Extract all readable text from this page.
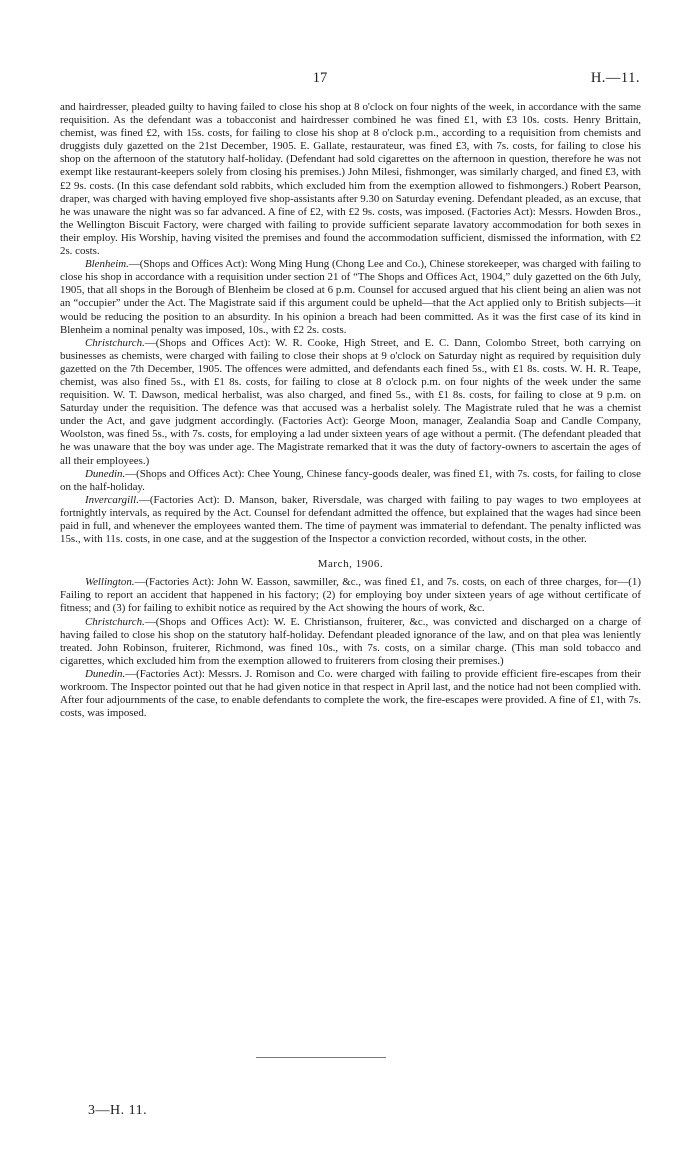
17	H.—11.

and hairdresser, pleaded guilty to having failed to close his shop at 8 o'clock on four nights of the week, in accordance with the same requisition. As the defendant was a tobacconist and hairdresser combined he was fined £1, with £3 10s. costs. Henry Brittain, chemist, was fined £2, with 15s. costs, for failing to close his shop at 8 o'clock p.m., according to a requisition from chemists and druggists duly gazetted on the 21st December, 1905. E. Gallate, restaurateur, was fined £3, with 7s. costs, for failing to close his shop on the afternoon of the statutory half-holiday. (Defendant had sold cigarettes on the afternoon in question, therefore he was not exempt like restaurant-keepers solely from closing his premises.) John Milesi, fishmonger, was similarly charged, and fined £3, with £2 9s. costs. (In this case defendant sold rabbits, which excluded him from the exemption allowed to fishmongers.) Robert Pearson, draper, was charged with having employed five shop-assistants after 9.30 on Saturday evening. Defendant pleaded, as an excuse, that he was unaware the night was so far advanced. A fine of £2, with £2 9s. costs, was imposed. (Factories Act): Messrs. Howden Bros., the Wellington Biscuit Factory, were charged with failing to provide sufficient separate lavatory accommodation for both sexes in their employ. His Worship, having visited the premises and found the accommodation sufficient, dismissed the information, with £2 2s. costs.

Blenheim.—(Shops and Offices Act): Wong Ming Hung (Chong Lee and Co.), Chinese storekeeper, was charged with failing to close his shop in accordance with a requisition under section 21 of “The Shops and Offices Act, 1904,” duly gazetted on the 6th July, 1905, that all shops in the Borough of Blenheim be closed at 6 p.m. Counsel for accused argued that his client being an alien was not an “occupier” under the Act. The Magistrate said if this argument could be upheld—that the Act applied only to British subjects—it would be reducing the position to an absurdity. In his opinion a breach had been committed. As it was the first case of its kind in Blenheim a nominal penalty was imposed, 10s., with £2 2s. costs.

Christchurch.—(Shops and Offices Act): W. R. Cooke, High Street, and E. C. Dann, Colombo Street, both carrying on businesses as chemists, were charged with failing to close their shops at 9 o'clock on Saturday night as required by requisition duly gazetted on the 7th December, 1905. The offences were admitted, and defendants each fined 5s., with £1 8s. costs. W. H. R. Teape, chemist, was also fined 5s., with £1 8s. costs, for failing to close at 8 o'clock p.m. on four nights of the week under the same requisition. W. T. Dawson, medical herbalist, was also charged, and fined 5s., with £1 8s. costs, for failing to close at 9 p.m. on Saturday under the requisition. The defence was that accused was a herbalist solely. The Magistrate ruled that he was a chemist under the Act, and gave judgment accordingly. (Factories Act): George Moon, manager, Zealandia Soap and Candle Company, Woolston, was fined 5s., with 7s. costs, for employing a lad under sixteen years of age without a permit. (The defendant pleaded that he was unaware that the boy was under age. The Magistrate remarked that it was the duty of factory-owners to ascertain the ages of all their employees.)

Dunedin.—(Shops and Offices Act): Chee Young, Chinese fancy-goods dealer, was fined £1, with 7s. costs, for failing to close on the half-holiday.

Invercargill.—(Factories Act): D. Manson, baker, Riversdale, was charged with failing to pay wages to two employees at fortnightly intervals, as required by the Act. Counsel for defendant admitted the offence, but explained that the wages had since been paid in full, and whenever the employees wanted them. The time of payment was immaterial to defendant. The penalty inflicted was 15s., with 11s. costs, in one case, and at the suggestion of the Inspector a conviction recorded, without costs, in the other.

March, 1906.

Wellington.—(Factories Act): John W. Easson, sawmiller, &c., was fined £1, and 7s. costs, on each of three charges, for—(1) Failing to report an accident that happened in his factory; (2) for employing boy under sixteen years of age without certificate of fitness; and (3) for failing to exhibit notice as required by the Act showing the hours of work, &c.

Christchurch.—(Shops and Offices Act): W. E. Christianson, fruiterer, &c., was convicted and discharged on a charge of having failed to close his shop on the statutory half-holiday. Defendant pleaded ignorance of the law, and on that plea was leniently treated. John Robinson, fruiterer, Richmond, was fined 10s., with 7s. costs, on a similar charge. (This man sold tobacco and cigarettes, which excluded him from the exemption allowed to fruiterers from closing their premises.)

Dunedin.—(Factories Act): Messrs. J. Romison and Co. were charged with failing to provide efficient fire-escapes from their workroom. The Inspector pointed out that he had given notice in that respect in April last, and the notice had not been complied with. After four adjournments of the case, to enable defendants to complete the work, the fire-escapes were provided. A fine of £1, with 7s. costs, was imposed.

3—H. 11.
